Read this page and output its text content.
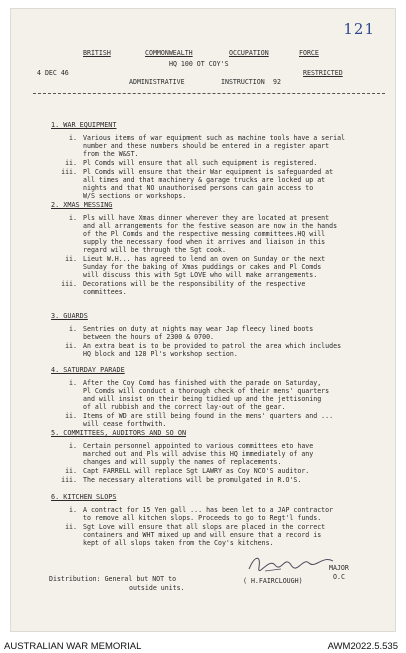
121
BRITISH	COMMONWEALTH	OCCUPATION	FORCE
HQ 100 OT COY'S
4 DEC 46
ADMINISTRATIVE	INSTRUCTION 92
RESTRICTED
1. WAR EQUIPMENT
i. Various items of war equipment such as machine tools have a serial
number and these numbers should be entered in a register apart
from the W&ST.
ii. Pl Comds will ensure that all such equipment is registered.
iii. Pl Comds will ensure that their War equipment is safeguarded at
all times and that machinery & garage trucks are locked up at
nights and that NO unauthorised persons can gain access to
W/S sections or workshops.
2. XMAS MESSING
i. Pls will have Xmas dinner wherever they are located at present
and all arrangements for the festive season are now in the hands
of the Pl Comds and the respective messing committees.HQ will
supply the necessary food when it arrives and liaison in this
regard will be through the Sgt cook.
ii. Lieut W.H... has agreed to lend an oven on Sunday or the next
Sunday for the baking of Xmas puddings or cakes and Pl Comds
will discuss this with Sgt LOVE who will make arrangements.
iii. Decorations will be the responsibility of the respective
committees.
3. GUARDS
i. Sentries on duty at nights may wear Jap fleecy lined boots
between the hours of 2300 & 0700.
ii. An extra beat is to be provided to patrol the area which includes
HQ block and 128 Pl's workshop section.
4. SATURDAY PARADE
i. After the Coy Comd has finished with the parade on Saturday,
Pl Comds will conduct a thorough check of their mens' quarters
and will insist on their being tidied up and the jettisoning
of all rubbish and the correct lay-out of the gear.
ii. Items of WD are still being found in the mens' quarters and ...
will cease forthwith.
5. COMMITTEES, AUDITORS AND SO ON
i. Certain personnel appointed to various committees eto have
marched out and Pls will advise this HQ immediately of any
changes and will supply the names of replacements.
ii. Capt FARRELL will replace Sgt LAWRY as Coy NCO'S auditor.
iii. The necessary alterations will be promulgated in R.O'S.
6. KITCHEN SLOPS
i. A contract for 15 Yen gall ... has been let to a JAP contractor
to remove all kitchen slops. Proceeds to go to Regt'l funds.
ii. Sgt Love will ensure that all slops are placed in the correct
containers and WHT mixed up and will ensure that a record is
kept of all slops taken from the Coy's kitchens.
MAJOR
O.C
( H.FAIRCLOUGH)
Distribution: General but NOT to
outside units.
AUSTRALIAN WAR MEMORIAL	AWM2022.5.535
